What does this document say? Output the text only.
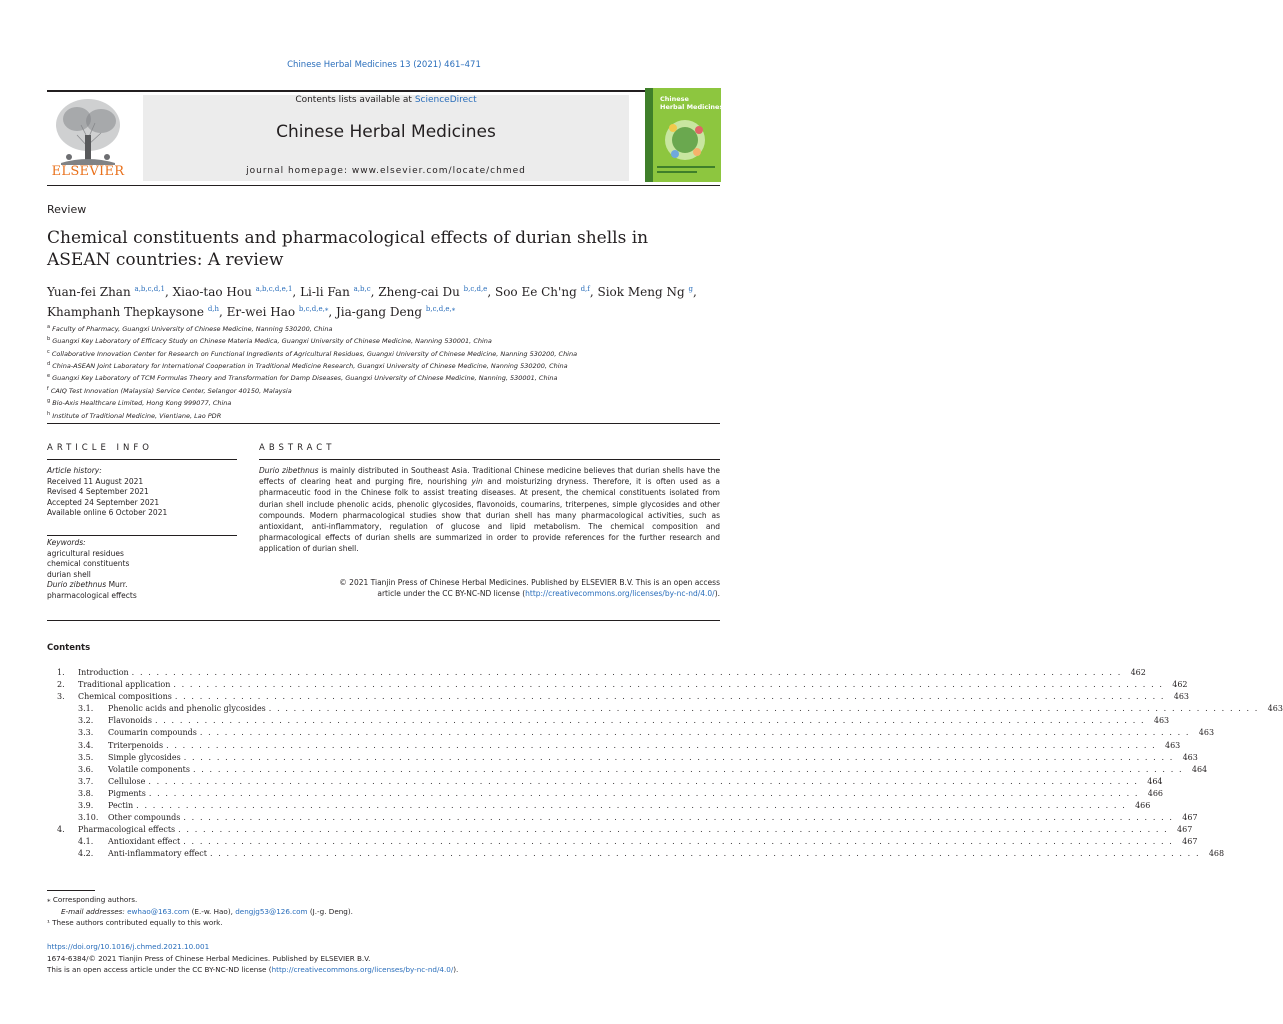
Chinese Herbal Medicines 13 (2021) 461–471
ELSEVIER
Contents lists available at ScienceDirect
Chinese Herbal Medicines
journal homepage: www.elsevier.com/locate/chmed
Chinese
Herbal Medicines
Review
Chemical constituents and pharmacological effects of durian shells in ASEAN countries: A review
Yuan-fei Zhan $^{a,b,c,d,1}$, Xiao-tao Hou $^{a,b,c,d,e,1}$, Li-li Fan $^{a,b,c}$, Zheng-cai Du $^{b,c,d,e}$, Soo Ee Ch'ng $^{d,f}$, Siok Meng Ng $^g$, Khamphanh Thepkaysone $^{d,h}$, Er-wei Hao $^{b,c,d,e,⁎}$, Jia-gang Deng $^{b,c,d,e,⁎}$
$^a$ Faculty of Pharmacy, Guangxi University of Chinese Medicine, Nanning 530200, China
$^b$ Guangxi Key Laboratory of Efficacy Study on Chinese Materia Medica, Guangxi University of Chinese Medicine, Nanning 530001, China
$^c$ Collaborative Innovation Center for Research on Functional Ingredients of Agricultural Residues, Guangxi University of Chinese Medicine, Nanning 530200, China
$^d$ China-ASEAN Joint Laboratory for International Cooperation in Traditional Medicine Research, Guangxi University of Chinese Medicine, Nanning 530200, China
$^e$ Guangxi Key Laboratory of TCM Formulas Theory and Transformation for Damp Diseases, Guangxi University of Chinese Medicine, Nanning, 530001, China
$^f$ CAIQ Test Innovation (Malaysia) Service Center, Selangor 40150, Malaysia
$^g$ Bio-Axis Healthcare Limited, Hong Kong 999077, China
$^h$ Institute of Traditional Medicine, Vientiane, Lao PDR
ARTICLE INFO
Article history:
Received 11 August 2021
Revised 4 September 2021
Accepted 24 September 2021
Available online 6 October 2021
Keywords:
agricultural residues
chemical constituents
durian shell
Durio zibethnus Murr.
pharmacological effects
ABSTRACT
Durio zibethnus is mainly distributed in Southeast Asia. Traditional Chinese medicine believes that durian shells have the effects of clearing heat and purging fire, nourishing yin and moisturizing dryness. Therefore, it is often used as a pharmaceutic food in the Chinese folk to assist treating diseases. At present, the chemical constituents isolated from durian shell include phenolic acids, phenolic glycosides, flavonoids, coumarins, triterpenes, simple glycosides and other compounds. Modern pharmacological studies show that durian shell has many pharmacological activities, such as antioxidant, anti-inflammatory, regulation of glucose and lipid metabolism. The chemical composition and pharmacological effects of durian shells are summarized in order to provide references for the further research and application of durian shell.
© 2021 Tianjin Press of Chinese Herbal Medicines. Published by ELSEVIER B.V. This is an open access
article under the CC BY-NC-ND license (http://creativecommons.org/licenses/by-nc-nd/4.0/).
Contents
1.	Introduction . . . . . . . . . . . . . . . . . . . . . . . . . . . . . . . . . . . . . . . . . . . . . . . . . . . . . . . . . . . . . . . . . . . . . . . . . . . . . . . . . . . . . . . . . . . . . . . . . . . . . . . . . . . . . . . . . . . . . . . .	462
2.	Traditional application . . . . . . . . . . . . . . . . . . . . . . . . . . . . . . . . . . . . . . . . . . . . . . . . . . . . . . . . . . . . . . . . . . . . . . . . . . . . . . . . . . . . . . . . . . . . . . . . . . . . . . . . . . . . . . . . . . . . . . . .	462
3.	Chemical compositions . . . . . . . . . . . . . . . . . . . . . . . . . . . . . . . . . . . . . . . . . . . . . . . . . . . . . . . . . . . . . . . . . . . . . . . . . . . . . . . . . . . . . . . . . . . . . . . . . . . . . . . . . . . . . . . . . . . . . . . .	463
3.1.	Phenolic acids and phenolic glycosides . . . . . . . . . . . . . . . . . . . . . . . . . . . . . . . . . . . . . . . . . . . . . . . . . . . . . . . . . . . . . . . . . . . . . . . . . . . . . . . . . . . . . . . . . . . . . . . . . . . . . . . . . . . . . . . . . . . . . . . .	463
3.2.	Flavonoids . . . . . . . . . . . . . . . . . . . . . . . . . . . . . . . . . . . . . . . . . . . . . . . . . . . . . . . . . . . . . . . . . . . . . . . . . . . . . . . . . . . . . . . . . . . . . . . . . . . . . . . . . . . . . . . . . . . . . . . .	463
3.3.	Coumarin compounds . . . . . . . . . . . . . . . . . . . . . . . . . . . . . . . . . . . . . . . . . . . . . . . . . . . . . . . . . . . . . . . . . . . . . . . . . . . . . . . . . . . . . . . . . . . . . . . . . . . . . . . . . . . . . . . . . . . . . . . .	463
3.4.	Triterpenoids . . . . . . . . . . . . . . . . . . . . . . . . . . . . . . . . . . . . . . . . . . . . . . . . . . . . . . . . . . . . . . . . . . . . . . . . . . . . . . . . . . . . . . . . . . . . . . . . . . . . . . . . . . . . . . . . . . . . . . . .	463
3.5.	Simple glycosides . . . . . . . . . . . . . . . . . . . . . . . . . . . . . . . . . . . . . . . . . . . . . . . . . . . . . . . . . . . . . . . . . . . . . . . . . . . . . . . . . . . . . . . . . . . . . . . . . . . . . . . . . . . . . . . . . . . . . . . .	463
3.6.	Volatile components . . . . . . . . . . . . . . . . . . . . . . . . . . . . . . . . . . . . . . . . . . . . . . . . . . . . . . . . . . . . . . . . . . . . . . . . . . . . . . . . . . . . . . . . . . . . . . . . . . . . . . . . . . . . . . . . . . . . . . . .	464
3.7.	Cellulose . . . . . . . . . . . . . . . . . . . . . . . . . . . . . . . . . . . . . . . . . . . . . . . . . . . . . . . . . . . . . . . . . . . . . . . . . . . . . . . . . . . . . . . . . . . . . . . . . . . . . . . . . . . . . . . . . . . . . . . .	464
3.8.	Pigments . . . . . . . . . . . . . . . . . . . . . . . . . . . . . . . . . . . . . . . . . . . . . . . . . . . . . . . . . . . . . . . . . . . . . . . . . . . . . . . . . . . . . . . . . . . . . . . . . . . . . . . . . . . . . . . . . . . . . . . .	466
3.9.	Pectin . . . . . . . . . . . . . . . . . . . . . . . . . . . . . . . . . . . . . . . . . . . . . . . . . . . . . . . . . . . . . . . . . . . . . . . . . . . . . . . . . . . . . . . . . . . . . . . . . . . . . . . . . . . . . . . . . . . . . . . .	466
3.10.	Other compounds . . . . . . . . . . . . . . . . . . . . . . . . . . . . . . . . . . . . . . . . . . . . . . . . . . . . . . . . . . . . . . . . . . . . . . . . . . . . . . . . . . . . . . . . . . . . . . . . . . . . . . . . . . . . . . . . . . . . . . . .	467
4.	Pharmacological effects . . . . . . . . . . . . . . . . . . . . . . . . . . . . . . . . . . . . . . . . . . . . . . . . . . . . . . . . . . . . . . . . . . . . . . . . . . . . . . . . . . . . . . . . . . . . . . . . . . . . . . . . . . . . . . . . . . . . . . . .	467
4.1.	Antioxidant effect . . . . . . . . . . . . . . . . . . . . . . . . . . . . . . . . . . . . . . . . . . . . . . . . . . . . . . . . . . . . . . . . . . . . . . . . . . . . . . . . . . . . . . . . . . . . . . . . . . . . . . . . . . . . . . . . . . . . . . . .	467
4.2.	Anti-inflammatory effect . . . . . . . . . . . . . . . . . . . . . . . . . . . . . . . . . . . . . . . . . . . . . . . . . . . . . . . . . . . . . . . . . . . . . . . . . . . . . . . . . . . . . . . . . . . . . . . . . . . . . . . . . . . . . . . . . . . . . . . .	468
⁎ Corresponding authors.
E-mail addresses: ewhao@163.com (E.-w. Hao), dengjg53@126.com (J.-g. Deng).
¹ These authors contributed equally to this work.
https://doi.org/10.1016/j.chmed.2021.10.001
1674-6384/© 2021 Tianjin Press of Chinese Herbal Medicines. Published by ELSEVIER B.V.
This is an open access article under the CC BY-NC-ND license (http://creativecommons.org/licenses/by-nc-nd/4.0/).
